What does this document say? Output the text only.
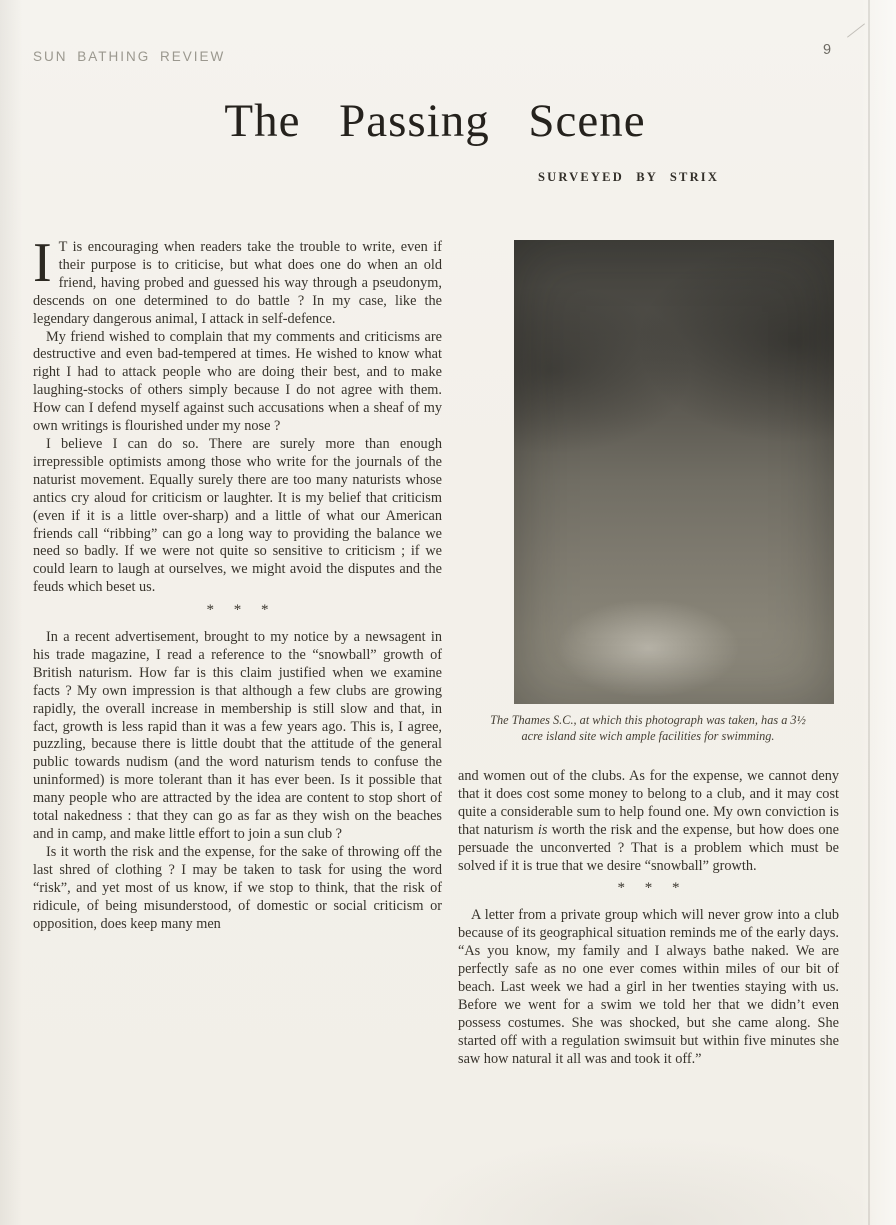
SUN BATHING REVIEW	9
The Passing Scene
SURVEYED BY STRIX

I T is encouraging when readers take the trouble to write, even if their purpose is to criticise, but what does one do when an old friend, having probed and guessed his way through a pseudonym, descends on one determined to do battle ? In my case, like the legendary dangerous animal, I attack in self-defence.

My friend wished to complain that my comments and criticisms are destructive and even bad-tempered at times. He wished to know what right I had to attack people who are doing their best, and to make laughing-stocks of others simply because I do not agree with them. How can I defend myself against such accusations when a sheaf of my own writings is flourished under my nose ?

I believe I can do so. There are surely more than enough irrepressible optimists among those who write for the journals of the naturist movement. Equally surely there are too many naturists whose antics cry aloud for criticism or laughter. It is my belief that criticism (even if it is a little over-sharp) and a little of what our American friends call “ribbing” can go a long way to providing the balance we need so badly. If we were not quite so sensitive to criticism ; if we could learn to laugh at ourselves, we might avoid the disputes and the feuds which beset us.

* * *

In a recent advertisement, brought to my notice by a newsagent in his trade magazine, I read a reference to the “snowball” growth of British naturism. How far is this claim justified when we examine facts ? My own impression is that although a few clubs are growing rapidly, the overall increase in membership is still slow and that, in fact, growth is less rapid than it was a few years ago. This is, I agree, puzzling, because there is little doubt that the attitude of the general public towards nudism (and the word naturism tends to confuse the uninformed) is more tolerant than it has ever been. Is it possible that many people who are attracted by the idea are content to stop short of total nakedness : that they can go as far as they wish on the beaches and in camp, and make little effort to join a sun club ?

Is it worth the risk and the expense, for the sake of throwing off the last shred of clothing ? I may be taken to task for using the word “risk”, and yet most of us know, if we stop to think, that the risk of ridicule, of being misunderstood, of domestic or social criticism or opposition, does keep many men

The Thames S.C., at which this photograph was taken, has a 3½
acre island site wich ample facilities for swimming.

and women out of the clubs. As for the expense, we cannot deny that it does cost some money to belong to a club, and it may cost quite a considerable sum to help found one. My own conviction is that naturism is worth the risk and the expense, but how does one persuade the unconverted ? That is a problem which must be solved if it is true that we desire “snowball” growth.

* * *

A letter from a private group which will never grow into a club because of its geographical situation reminds me of the early days. “As you know, my family and I always bathe naked. We are perfectly safe as no one ever comes within miles of our bit of beach. Last week we had a girl in her twenties staying with us. Before we went for a swim we told her that we didn’t even possess costumes. She was shocked, but she came along. She started off with a regulation swimsuit but within five minutes she saw how natural it all was and took it off.”
